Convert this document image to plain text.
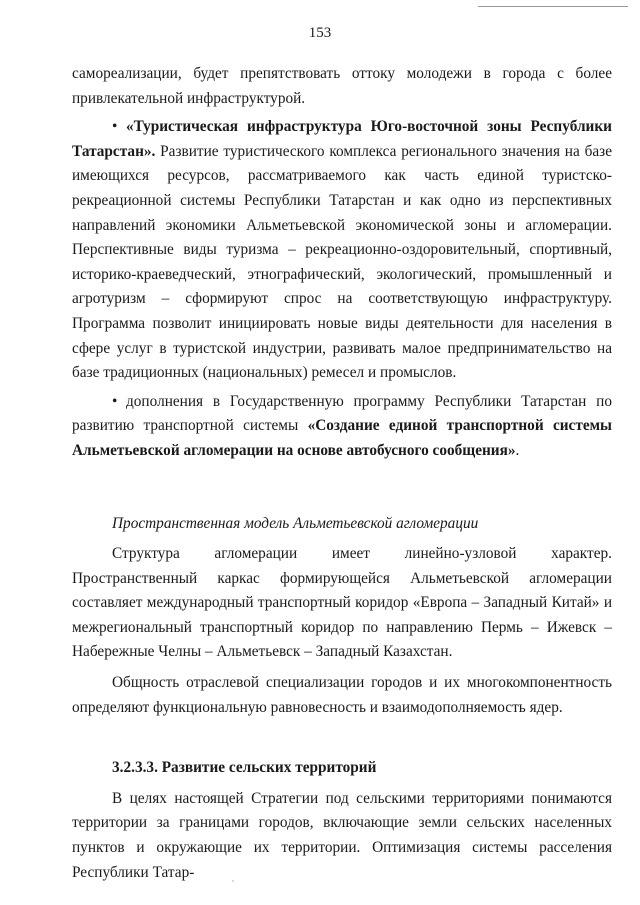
153

самореализации, будет препятствовать оттоку молодежи в города с более привлекательной инфраструктурой.

• «Туристическая инфраструктура Юго-восточной зоны Республики Татарстан». Развитие туристического комплекса регионального значения на базе имеющихся ресурсов, рассматриваемого как часть единой туристско-рекреационной системы Республики Татарстан и как одно из перспективных направлений экономики Альметьевской экономической зоны и агломерации. Перспективные виды туризма – рекреационно-оздоровительный, спортивный, историко-краеведческий, этнографический, экологический, промышленный и агротуризм – сформируют спрос на соответствующую инфраструктуру. Программа позволит инициировать новые виды деятельности для населения в сфере услуг в туристской индустрии, развивать малое предпринимательство на базе традиционных (национальных) ремесел и промыслов.

• дополнения в Государственную программу Республики Татарстан по развитию транспортной системы «Создание единой транспортной системы Альметьевской агломерации на основе автобусного сообщения».

Пространственная модель Альметьевской агломерации

Структура агломерации имеет линейно-узловой характер. Пространственный каркас формирующейся Альметьевской агломерации составляет международный транспортный коридор «Европа – Западный Китай» и межрегиональный транспортный коридор по направлению Пермь – Ижевск – Набережные Челны – Альметьевск – Западный Казахстан.

Общность отраслевой специализации городов и их многокомпонентность определяют функциональную равновесность и взаимодополняемость ядер.

3.2.3.3. Развитие сельских территорий

В целях настоящей Стратегии под сельскими территориями понимаются территории за границами городов, включающие земли сельских населенных пунктов и окружающие их территории. Оптимизация системы расселения Республики Татар-
